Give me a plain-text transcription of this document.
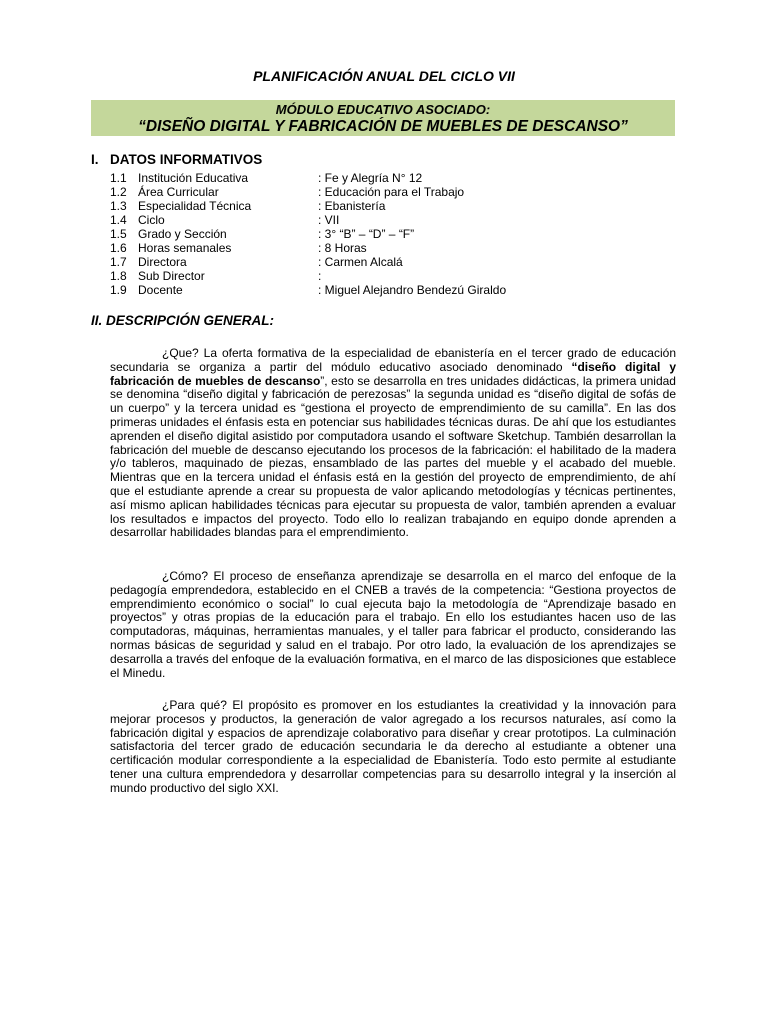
PLANIFICACIÓN ANUAL DEL CICLO VII
MÓDULO EDUCATIVO ASOCIADO:
“DISEÑO DIGITAL Y FABRICACIÓN DE MUEBLES DE DESCANSO”
I. DATOS INFORMATIVOS
1.1 Institución Educativa	: Fe y Alegría N° 12
1.2 Área Curricular	: Educación para el Trabajo
1.3 Especialidad Técnica	: Ebanistería
1.4 Ciclo	: VII
1.5 Grado y Sección	: 3° “B” – “D” – “F”
1.6 Horas semanales	: 8 Horas
1.7 Directora	: Carmen Alcalá
1.8 Sub Director	:
1.9 Docente	: Miguel Alejandro Bendezú Giraldo
II. DESCRIPCIÓN GENERAL:
¿Que? La oferta formativa de la especialidad de ebanistería en el tercer grado de educación secundaria se organiza a partir del módulo educativo asociado denominado “diseño digital y fabricación de muebles de descanso”, esto se desarrolla en tres unidades didácticas, la primera unidad se denomina “diseño digital y fabricación de perezosas” la segunda unidad es “diseño digital de sofás de un cuerpo” y la tercera unidad es “gestiona el proyecto de emprendimiento de su camilla”. En las dos primeras unidades el énfasis esta en potenciar sus habilidades técnicas duras. De ahí que los estudiantes aprenden el diseño digital asistido por computadora usando el software Sketchup. También desarrollan la fabricación del mueble de descanso ejecutando los procesos de la fabricación: el habilitado de la madera y/o tableros, maquinado de piezas, ensamblado de las partes del mueble y el acabado del mueble. Mientras que en la tercera unidad el énfasis está en la gestión del proyecto de emprendimiento, de ahí que el estudiante aprende a crear su propuesta de valor aplicando metodologías y técnicas pertinentes, así mismo aplican habilidades técnicas para ejecutar su propuesta de valor, también aprenden a evaluar los resultados e impactos del proyecto. Todo ello lo realizan trabajando en equipo donde aprenden a desarrollar habilidades blandas para el emprendimiento.
¿Cómo? El proceso de enseñanza aprendizaje se desarrolla en el marco del enfoque de la pedagogía emprendedora, establecido en el CNEB a través de la competencia: “Gestiona proyectos de emprendimiento económico o social” lo cual ejecuta bajo la metodología de “Aprendizaje basado en proyectos” y otras propias de la educación para el trabajo. En ello los estudiantes hacen uso de las computadoras, máquinas, herramientas manuales, y el taller para fabricar el producto, considerando las normas básicas de seguridad y salud en el trabajo. Por otro lado, la evaluación de los aprendizajes se desarrolla a través del enfoque de la evaluación formativa, en el marco de las disposiciones que establece el Minedu.
¿Para qué? El propósito es promover en los estudiantes la creatividad y la innovación para mejorar procesos y productos, la generación de valor agregado a los recursos naturales, así como la fabricación digital y espacios de aprendizaje colaborativo para diseñar y crear prototipos. La culminación satisfactoria del tercer grado de educación secundaria le da derecho al estudiante a obtener una certificación modular correspondiente a la especialidad de Ebanistería. Todo esto permite al estudiante tener una cultura emprendedora y desarrollar competencias para su desarrollo integral y la inserción al mundo productivo del siglo XXI.
